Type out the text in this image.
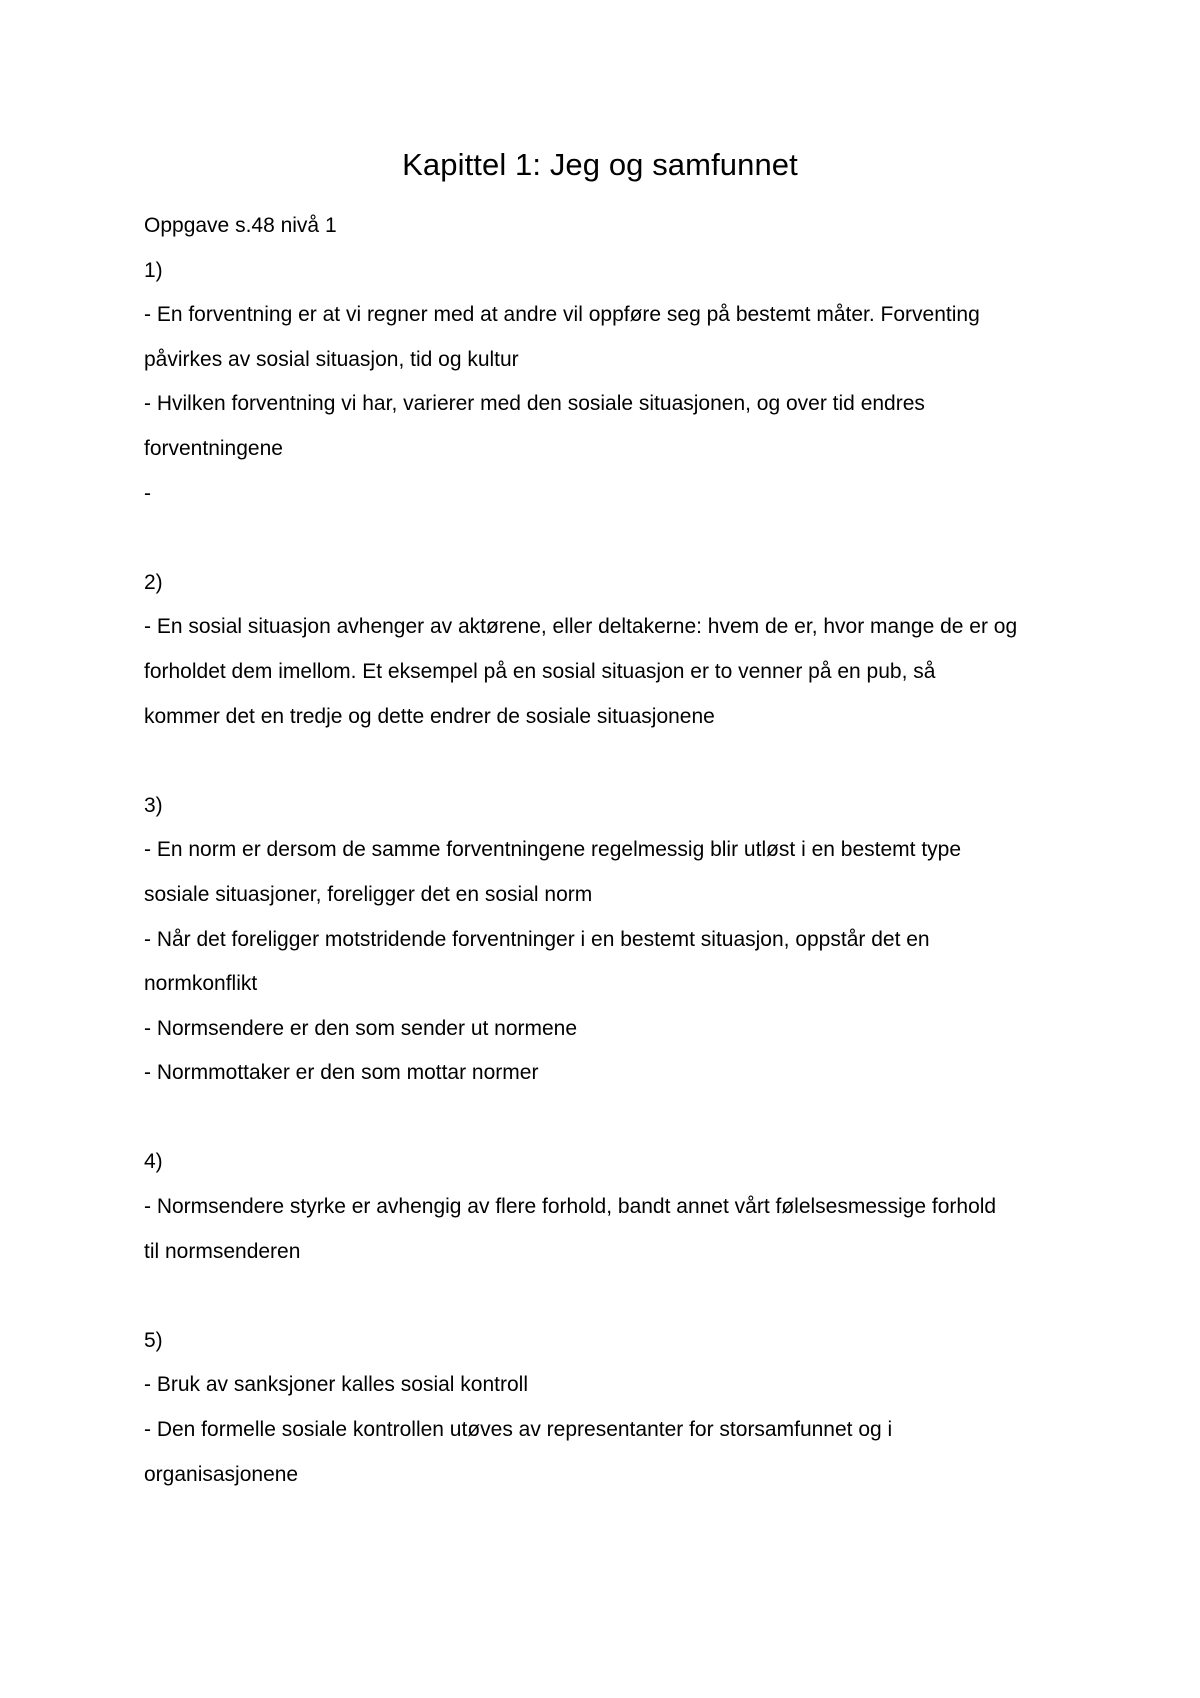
Kapittel 1: Jeg og samfunnet
Oppgave s.48 nivå 1
1)
- En forventning er at vi regner med at andre vil oppføre seg på bestemt måter. Forventing
påvirkes av sosial situasjon, tid og kultur
- Hvilken forventning vi har, varierer med den sosiale situasjonen, og over tid endres
forventningene
-
2)
- En sosial situasjon avhenger av aktørene, eller deltakerne: hvem de er, hvor mange de er og
forholdet dem imellom. Et eksempel på en sosial situasjon er to venner på en pub, så
kommer det en tredje og dette endrer de sosiale situasjonene
3)
- En norm er dersom de samme forventningene regelmessig blir utløst i en bestemt type
sosiale situasjoner, foreligger det en sosial norm
- Når det foreligger motstridende forventninger i en bestemt situasjon, oppstår det en
normkonflikt
- Normsendere er den som sender ut normene
- Normmottaker er den som mottar normer
4)
- Normsendere styrke er avhengig av flere forhold, bandt annet vårt følelsesmessige forhold
til normsenderen
5)
- Bruk av sanksjoner kalles sosial kontroll
- Den formelle sosiale kontrollen utøves av representanter for storsamfunnet og i
organisasjonene
